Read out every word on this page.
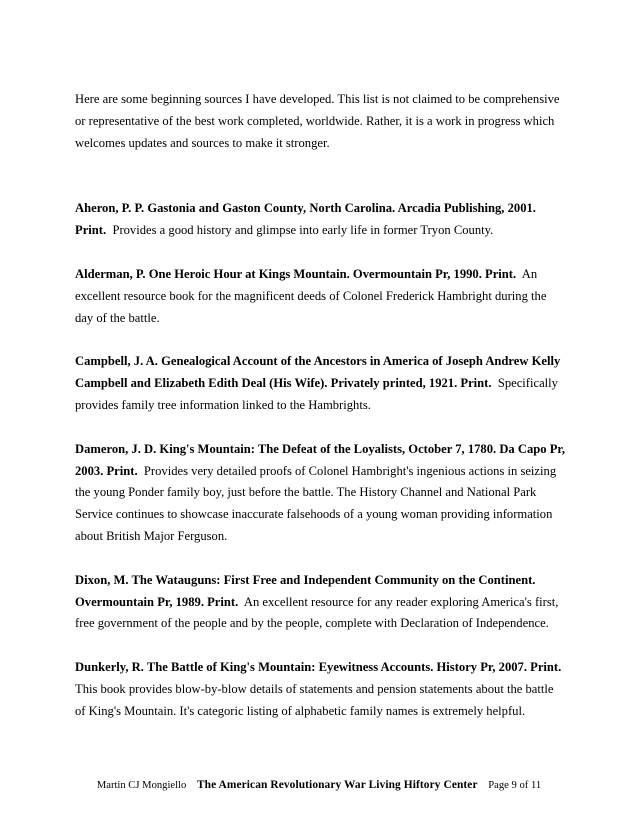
Here are some beginning sources I have developed. This list is not claimed to be comprehensive or representative of the best work completed, worldwide. Rather, it is a work in progress which welcomes updates and sources to make it stronger.

Aheron, P. P. Gastonia and Gaston County, North Carolina. Arcadia Publishing, 2001. Print. Provides a good history and glimpse into early life in former Tryon County.

Alderman, P. One Heroic Hour at Kings Mountain. Overmountain Pr, 1990. Print. An excellent resource book for the magnificent deeds of Colonel Frederick Hambright during the day of the battle.

Campbell, J. A. Genealogical Account of the Ancestors in America of Joseph Andrew Kelly Campbell and Elizabeth Edith Deal (His Wife). Privately printed, 1921. Print. Specifically provides family tree information linked to the Hambrights.

Dameron, J. D. King's Mountain: The Defeat of the Loyalists, October 7, 1780. Da Capo Pr, 2003. Print. Provides very detailed proofs of Colonel Hambright's ingenious actions in seizing the young Ponder family boy, just before the battle. The History Channel and National Park Service continues to showcase inaccurate falsehoods of a young woman providing information about British Major Ferguson.

Dixon, M. The Watauguns: First Free and Independent Community on the Continent. Overmountain Pr, 1989. Print. An excellent resource for any reader exploring America's first, free government of the people and by the people, complete with Declaration of Independence.

Dunkerly, R. The Battle of King's Mountain: Eyewitness Accounts. History Pr, 2007. Print. This book provides blow-by-blow details of statements and pension statements about the battle of King's Mountain. It's categoric listing of alphabetic family names is extremely helpful.

Martin CJ Mongiello The American Revolutionary War Living Hiftory Center Page 9 of 11
